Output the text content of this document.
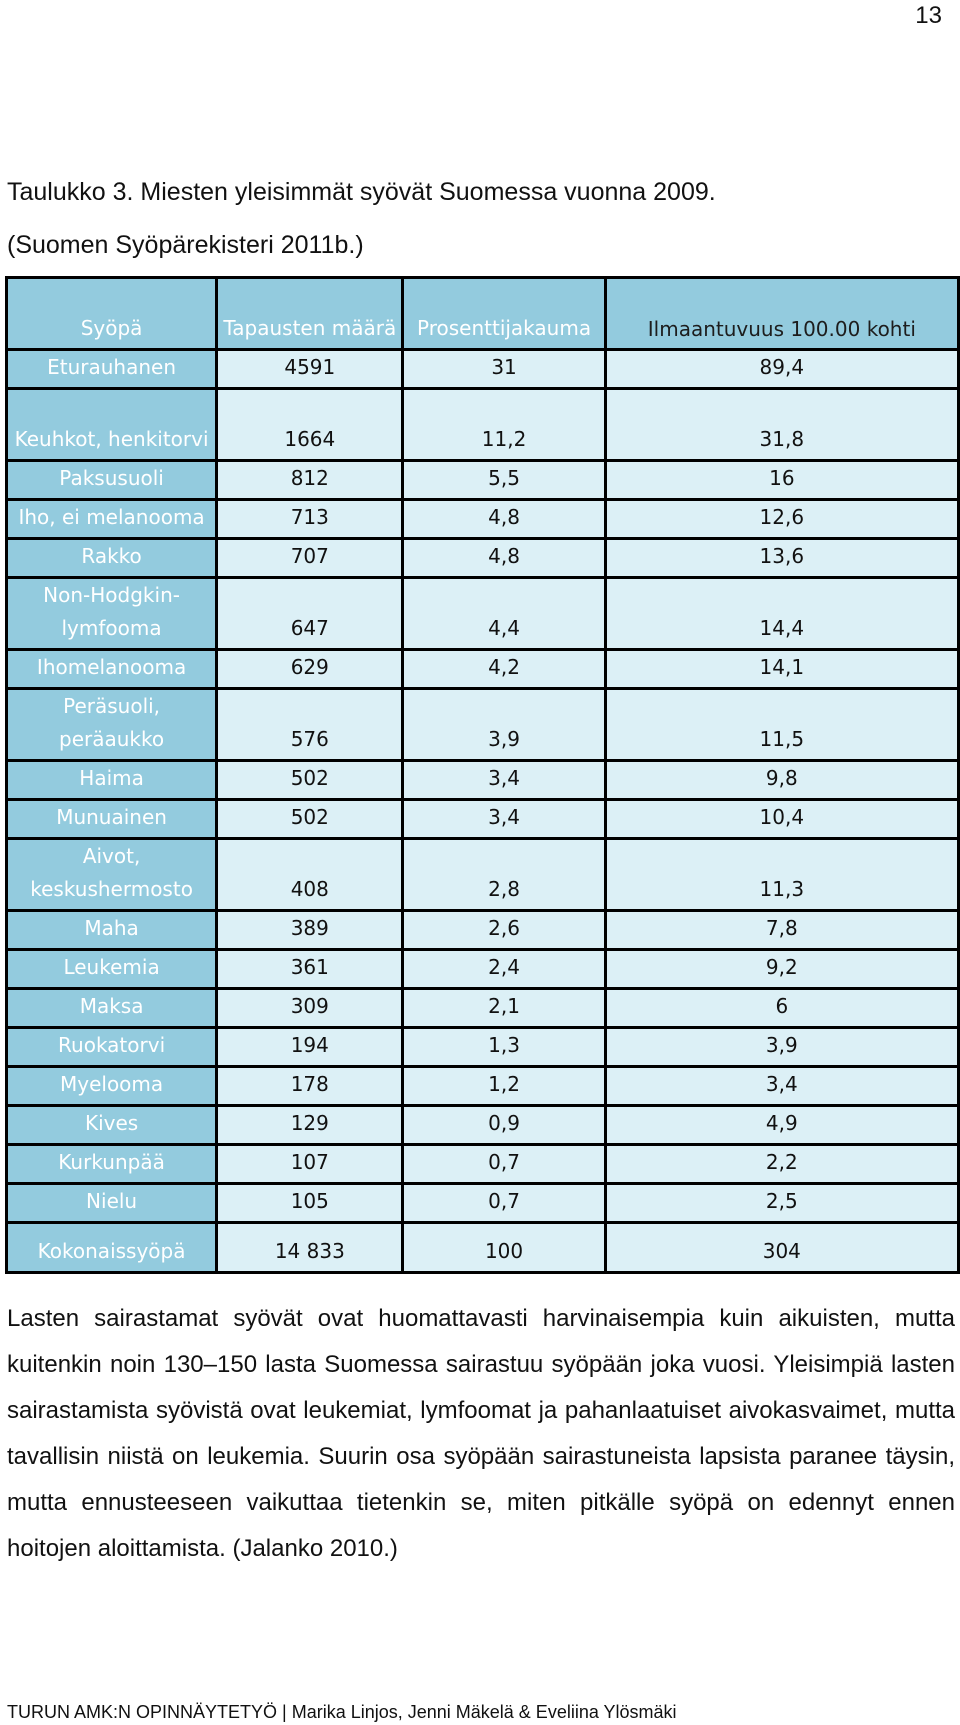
13
Taulukko 3. Miesten yleisimmät syövät Suomessa vuonna 2009.
(Suomen Syöpärekisteri 2011b.)
Syöpä	Tapausten määrä	Prosenttijakauma	Ilmaantuvuus 100.00 kohti
Eturauhanen	4591	31	89,4
Keuhkot, henkitorvi	1664	11,2	31,8
Paksusuoli	812	5,5	16
Iho, ei melanooma	713	4,8	12,6
Rakko	707	4,8	13,6
Non-Hodgkin-lymfooma	647	4,4	14,4
Ihomelanooma	629	4,2	14,1
Peräsuoli, peräaukko	576	3,9	11,5
Haima	502	3,4	9,8
Munuainen	502	3,4	10,4
Aivot, keskushermosto	408	2,8	11,3
Maha	389	2,6	7,8
Leukemia	361	2,4	9,2
Maksa	309	2,1	6
Ruokatorvi	194	1,3	3,9
Myelooma	178	1,2	3,4
Kives	129	0,9	4,9
Kurkunpää	107	0,7	2,2
Nielu	105	0,7	2,5
Kokonaissyöpä	14 833	100	304
Lasten sairastamat syövät ovat huomattavasti harvinaisempia kuin aikuisten, mutta kuitenkin noin 130–150 lasta Suomessa sairastuu syöpään joka vuosi. Yleisimpiä lasten sairastamista syövistä ovat leukemiat, lymfoomat ja pahanlaatuiset aivokasvaimet, mutta tavallisin niistä on leukemia. Suurin osa syöpään sairastuneista lapsista paranee täysin, mutta ennusteeseen vaikuttaa tietenkin se, miten pitkälle syöpä on edennyt ennen hoitojen aloittamista. (Jalanko 2010.)
TURUN AMK:N OPINNÄYTETYÖ | Marika Linjos, Jenni Mäkelä & Eveliina Ylösmäki
